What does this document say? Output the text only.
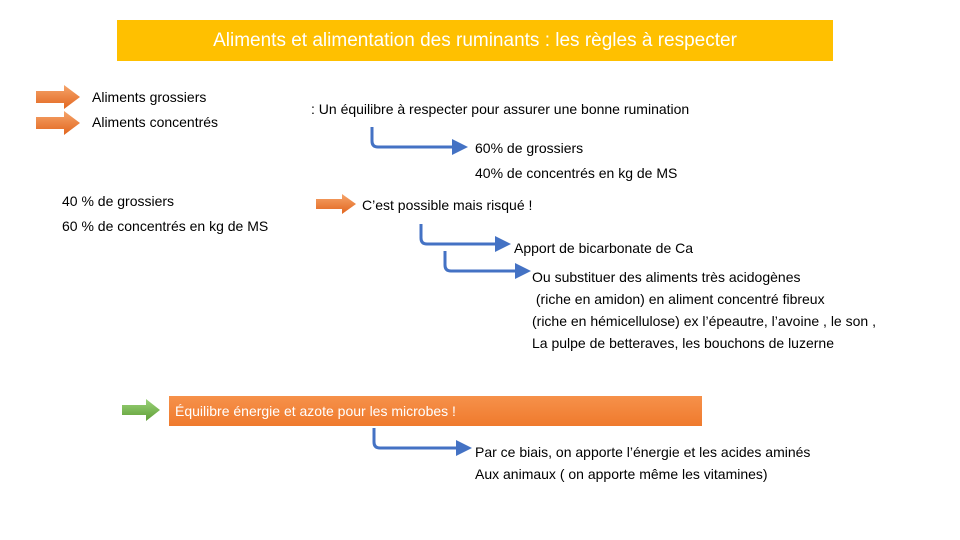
Aliments et alimentation des ruminants : les règles à respecter
Aliments grossiers
Aliments concentrés
: Un équilibre à respecter pour assurer une bonne rumination
60% de grossiers
40% de concentrés en kg de MS
40 % de grossiers
60 % de concentrés en kg de MS
C’est possible mais risqué !
Apport de bicarbonate de Ca
Ou substituer des aliments très acidogènes
(riche en amidon) en aliment concentré fibreux
(riche en hémicellulose) ex l’épeautre, l’avoine , le son ,
La pulpe de betteraves, les bouchons de luzerne
Équilibre énergie et azote pour les microbes !
Par ce biais, on apporte l’énergie et les acides aminés
Aux animaux ( on apporte même les vitamines)
